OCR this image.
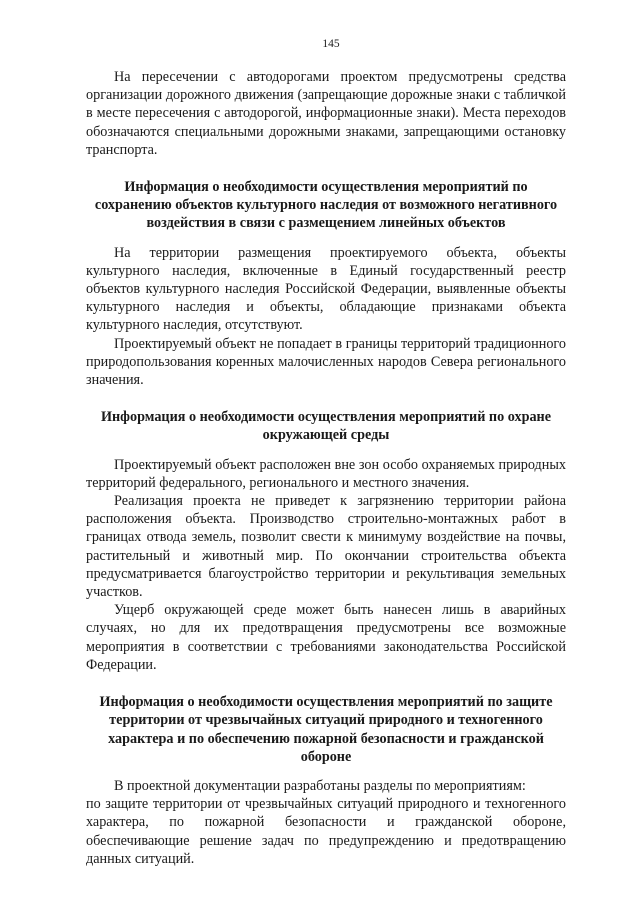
145

На пересечении с автодорогами проектом предусмотрены средства организации дорожного движения (запрещающие дорожные знаки с табличкой в месте пересечения с автодорогой, информационные знаки). Места переходов обозначаются специальными дорожными знаками, запрещающими остановку транспорта.

Информация о необходимости осуществления мероприятий по сохранению объектов культурного наследия от возможного негативного воздействия в связи с размещением линейных объектов

На территории размещения проектируемого объекта, объекты культурного наследия, включенные в Единый государственный реестр объектов культурного наследия Российской Федерации, выявленные объекты культурного наследия и объекты, обладающие признаками объекта культурного наследия, отсутствуют.

Проектируемый объект не попадает в границы территорий традиционного природопользования коренных малочисленных народов Севера регионального значения.

Информация о необходимости осуществления мероприятий по охране окружающей среды

Проектируемый объект расположен вне зон особо охраняемых природных территорий федерального, регионального и местного значения.

Реализация проекта не приведет к загрязнению территории района расположения объекта. Производство строительно-монтажных работ в границах отвода земель, позволит свести к минимуму воздействие на почвы, растительный и животный мир. По окончании строительства объекта предусматривается благоустройство территории и рекультивация земельных участков.

Ущерб окружающей среде может быть нанесен лишь в аварийных случаях, но для их предотвращения предусмотрены все возможные мероприятия в соответствии с требованиями законодательства Российской Федерации.

Информация о необходимости осуществления мероприятий по защите территории от чрезвычайных ситуаций природного и техногенного характера и по обеспечению пожарной безопасности и гражданской обороне

В проектной документации разработаны разделы по мероприятиям:

по защите территории от чрезвычайных ситуаций природного и техногенного характера, по пожарной безопасности и гражданской обороне, обеспечивающие решение задач по предупреждению и предотвращению данных ситуаций.
